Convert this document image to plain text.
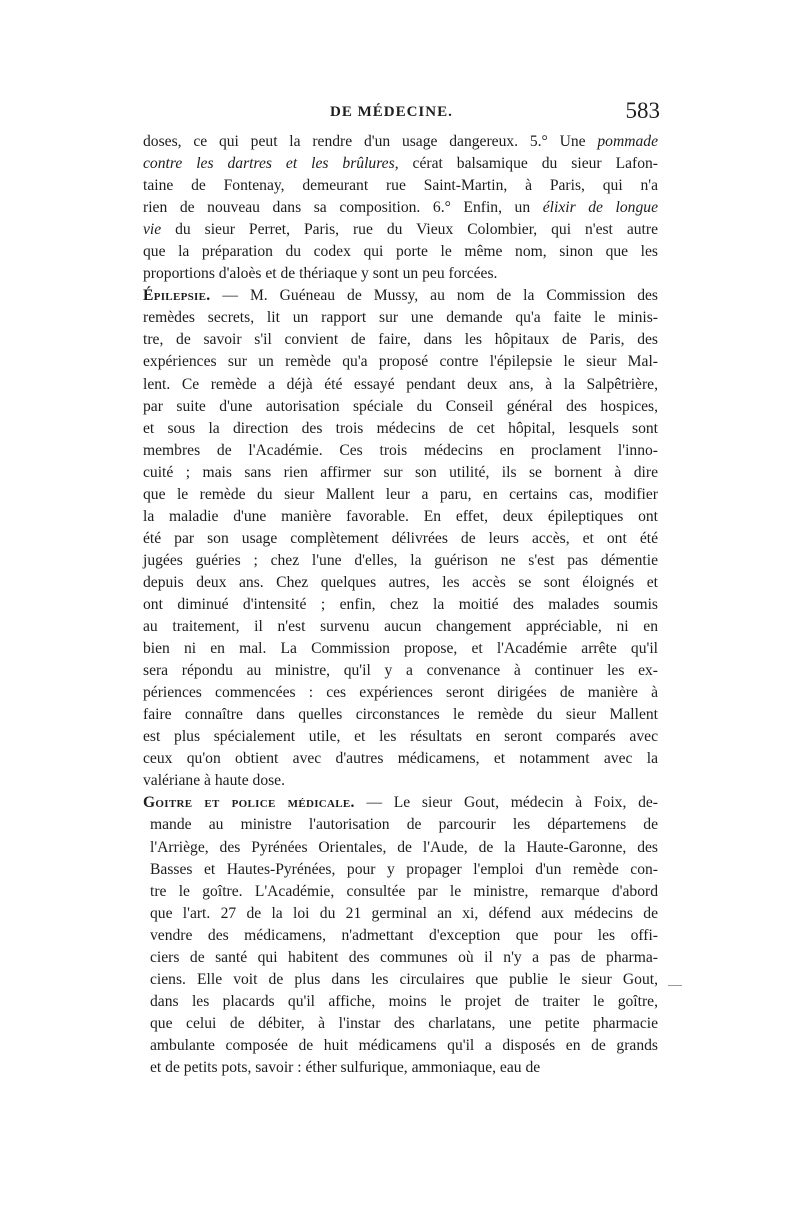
DE MÉDECINE.	583
doses, ce qui peut la rendre d'un usage dangereux. 5.° Une pommade
contre les dartres et les brûlures, cérat balsamique du sieur Lafon-
taine de Fontenay, demeurant rue Saint-Martin, à Paris, qui n'a
rien de nouveau dans sa composition. 6.° Enfin, un élixir de longue
vie du sieur Perret, Paris, rue du Vieux Colombier, qui n'est autre
que la préparation du codex qui porte le même nom, sinon que les
proportions d'aloès et de thériaque y sont un peu forcées.
Épilepsie. — M. Guéneau de Mussy, au nom de la Commission des
remèdes secrets, lit un rapport sur une demande qu'a faite le minis-
tre, de savoir s'il convient de faire, dans les hôpitaux de Paris, des
expériences sur un remède qu'a proposé contre l'épilepsie le sieur Mal-
lent. Ce remède a déjà été essayé pendant deux ans, à la Salpêtrière,
par suite d'une autorisation spéciale du Conseil général des hospices,
et sous la direction des trois médecins de cet hôpital, lesquels sont
membres de l'Académie. Ces trois médecins en proclament l'inno-
cuité ; mais sans rien affirmer sur son utilité, ils se bornent à dire
que le remède du sieur Mallent leur a paru, en certains cas, modifier
la maladie d'une manière favorable. En effet, deux épileptiques ont
été par son usage complètement délivrées de leurs accès, et ont été
jugées guéries ; chez l'une d'elles, la guérison ne s'est pas démentie
depuis deux ans. Chez quelques autres, les accès se sont éloignés et
ont diminué d'intensité ; enfin, chez la moitié des malades soumis
au traitement, il n'est survenu aucun changement appréciable, ni en
bien ni en mal. La Commission propose, et l'Académie arrête qu'il
sera répondu au ministre, qu'il y a convenance à continuer les ex-
périences commencées : ces expériences seront dirigées de manière à
faire connaître dans quelles circonstances le remède du sieur Mallent
est plus spécialement utile, et les résultats en seront comparés avec
ceux qu'on obtient avec d'autres médicamens, et notamment avec la
valériane à haute dose.
Goitre et police médicale. — Le sieur Gout, médecin à Foix, de-
mande au ministre l'autorisation de parcourir les départemens de
l'Arriège, des Pyrénées Orientales, de l'Aude, de la Haute-Garonne, des
Basses et Hautes-Pyrénées, pour y propager l'emploi d'un remède con-
tre le goître. L'Académie, consultée par le ministre, remarque d'abord
que l'art. 27 de la loi du 21 germinal an xi, défend aux médecins de
vendre des médicamens, n'admettant d'exception que pour les offi-
ciers de santé qui habitent des communes où il n'y a pas de pharma-
ciens. Elle voit de plus dans les circulaires que publie le sieur Gout,
dans les placards qu'il affiche, moins le projet de traiter le goître,
que celui de débiter, à l'instar des charlatans, une petite pharmacie
ambulante composée de huit médicamens qu'il a disposés en de grands
et de petits pots, savoir : éther sulfurique, ammoniaque, eau de
